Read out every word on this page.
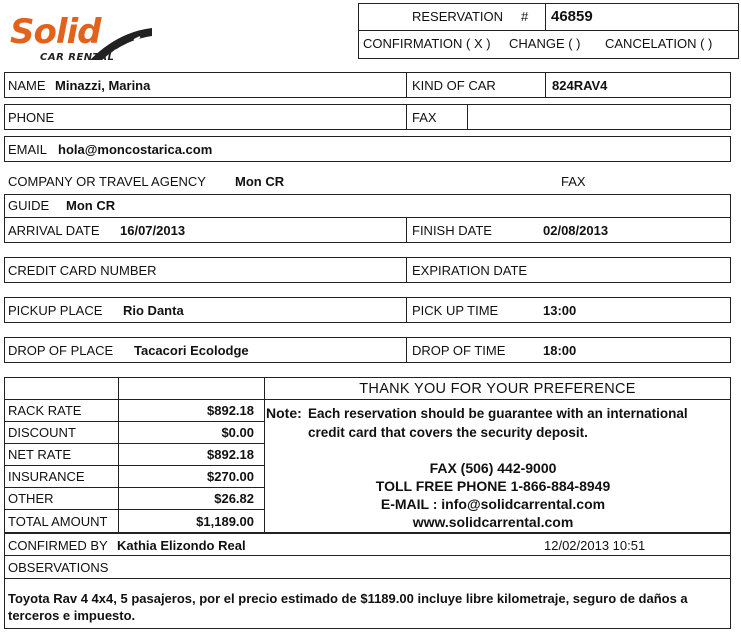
Solid
CAR RENTAL
RESERVATION # 46859
CONFIRMATION ( X ) CHANGE ( ) CANCELATION ( )
NAME Minazzi, Marina	KIND OF CAR	824RAV4
PHONE	FAX
EMAIL hola@moncostarica.com
COMPANY OR TRAVEL AGENCY Mon CR	FAX
GUIDE Mon CR
ARRIVAL DATE 16/07/2013	FINISH DATE	02/08/2013
CREDIT CARD NUMBER	EXPIRATION DATE
PICKUP PLACE Rio Danta	PICK UP TIME	13:00
DROP OF PLACE Tacacori Ecolodge	DROP OF TIME	18:00
RACK RATE	$892.18
DISCOUNT	$0.00
NET RATE	$892.18
INSURANCE	$270.00
OTHER	$26.82
TOTAL AMOUNT	$1,189.00
THANK YOU FOR YOUR PREFERENCE
Note: Each reservation should be guarantee with an international
credit card that covers the security deposit.
FAX (506) 442-9000
TOLL FREE PHONE 1-866-884-8949
E-MAIL : info@solidcarrental.com
www.solidcarrental.com
CONFIRMED BY Kathia Elizondo Real	12/02/2013 10:51
OBSERVATIONS
Toyota Rav 4 4x4, 5 pasajeros, por el precio estimado de $1189.00 incluye libre kilometraje, seguro de daños a
terceros e impuesto.
